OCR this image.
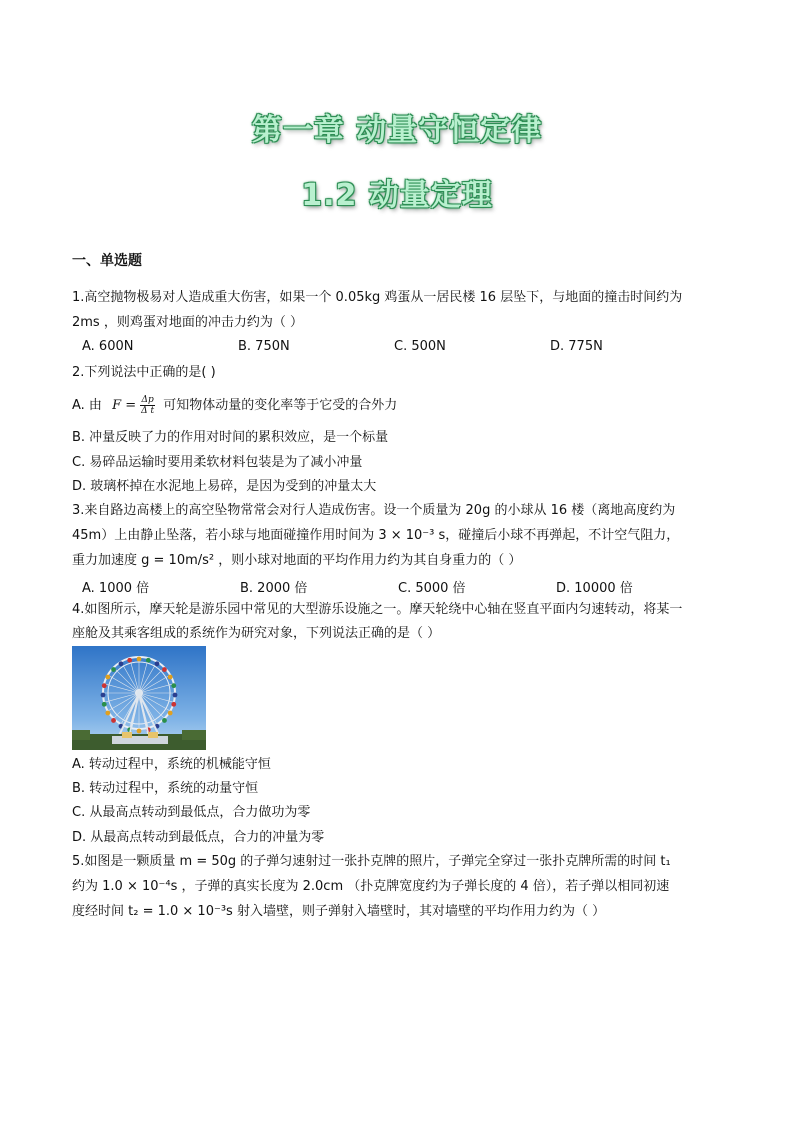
第一章 动量守恒定律
1.2 动量定理
一、单选题
1.高空抛物极易对人造成重大伤害，如果一个 0.05kg 鸡蛋从一居民楼 16 层坠下，与地面的撞击时间约为
2ms ，则鸡蛋对地面的冲击力约为（ ）
A. 600N	B. 750N	C. 500N	D. 775N
2.下列说法中正确的是( )
A. 由 $F = \frac{\Delta p}{\text{Δ t}}$ 可知物体动量的变化率等于它受的合外力
B. 冲量反映了力的作用对时间的累积效应，是一个标量
C. 易碎品运输时要用柔软材料包装是为了减小冲量
D. 玻璃杯掉在水泥地上易碎，是因为受到的冲量太大
3.来自路边高楼上的高空坠物常常会对行人造成伤害。设一个质量为 20g 的小球从 16 楼（离地高度约为
45m）上由静止坠落，若小球与地面碰撞作用时间为 3 × 10⁻³ s，碰撞后小球不再弹起，不计空气阻力，
重力加速度 g = 10m/s² ，则小球对地面的平均作用力约为其自身重力的（ ）
A. 1000 倍	B. 2000 倍	C. 5000 倍	D. 10000 倍
4.如图所示，摩天轮是游乐园中常见的大型游乐设施之一。摩天轮绕中心轴在竖直平面内匀速转动，将某一
座舱及其乘客组成的系统作为研究对象，下列说法正确的是（ ）
A. 转动过程中，系统的机械能守恒
B. 转动过程中，系统的动量守恒
C. 从最高点转动到最低点，合力做功为零
D. 从最高点转动到最低点，合力的冲量为零
5.如图是一颗质量 m = 50g 的子弹匀速射过一张扑克牌的照片，子弹完全穿过一张扑克牌所需的时间 t₁
约为 1.0 × 10⁻⁴s ，子弹的真实长度为 2.0cm （扑克牌宽度约为子弹长度的 4 倍），若子弹以相同初速
度经时间 t₂ = 1.0 × 10⁻³s 射入墙壁，则子弹射入墙壁时，其对墙壁的平均作用力约为（ ）
